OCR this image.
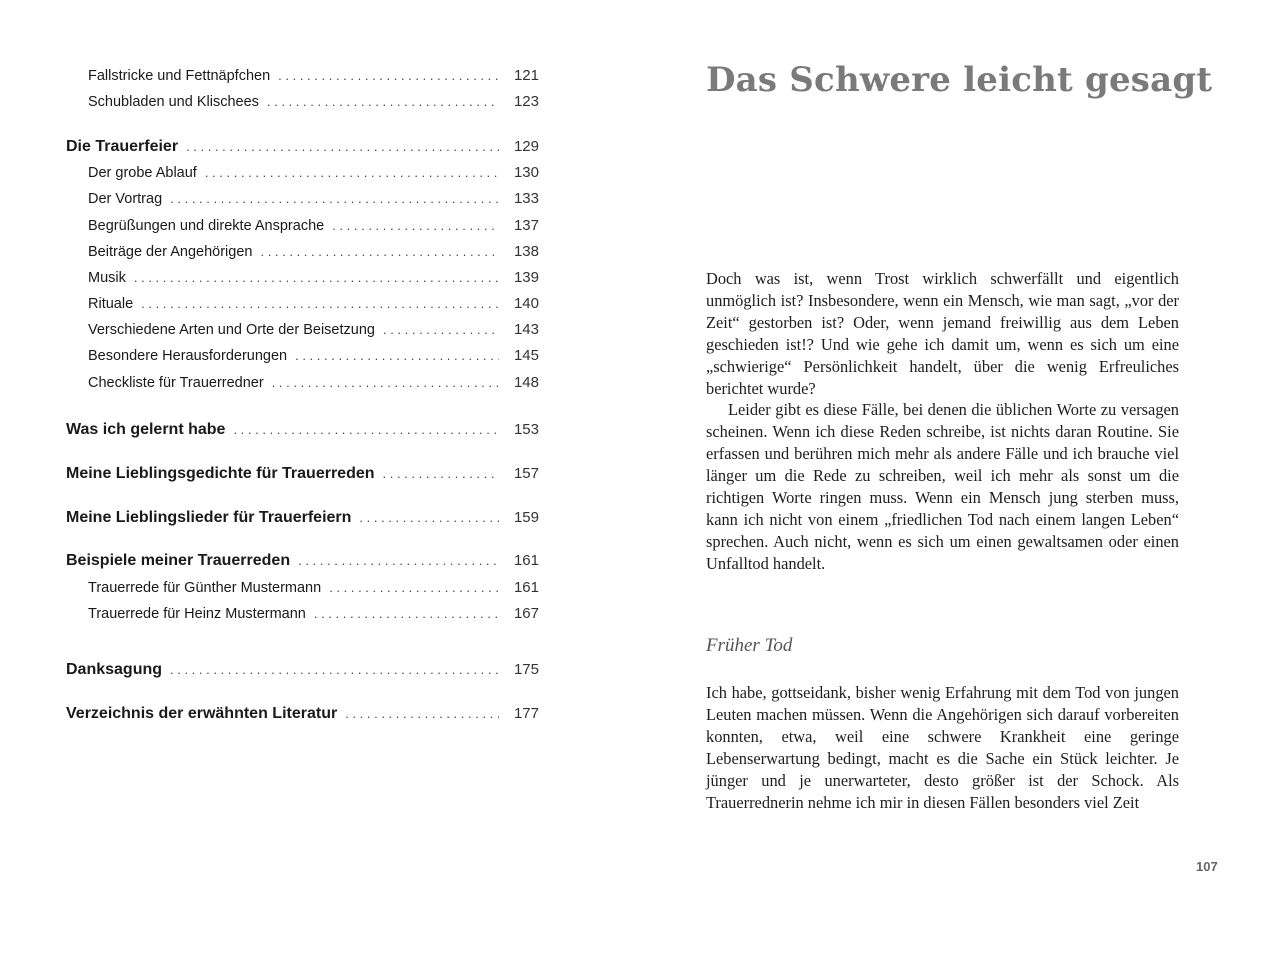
Fallstricke und Fettnäpfchen . . .	121
Schubladen und Klischees . . .	123
Die Trauerfeier . . .	129
Der grobe Ablauf . . .	130
Der Vortrag . . .	133
Begrüßungen und direkte Ansprache . . .	137
Beiträge der Angehörigen . . .	138
Musik . . .	139
Rituale . . .	140
Verschiedene Arten und Orte der Beisetzung . . .	143
Besondere Herausforderungen . . .	145
Checkliste für Trauerredner . . .	148
Was ich gelernt habe . . .	153
Meine Lieblingsgedichte für Trauerreden . . .	157
Meine Lieblingslieder für Trauerfeiern . . .	159
Beispiele meiner Trauerreden . . .	161
Trauerrede für Günther Mustermann . . .	161
Trauerrede für Heinz Mustermann . . .	167
Danksagung . . .	175
Verzeichnis der erwähnten Literatur . . .	177
Das Schwere leicht gesagt

Doch was ist, wenn Trost wirklich schwerfällt und eigentlich unmöglich ist? Insbesondere, wenn ein Mensch, wie man sagt, „vor der Zeit“ gestorben ist? Oder, wenn jemand freiwillig aus dem Leben geschieden ist!? Und wie gehe ich damit um, wenn es sich um eine „schwierige“ Persönlichkeit handelt, über die wenig Erfreuliches berichtet wurde?

Leider gibt es diese Fälle, bei denen die üblichen Worte zu versagen scheinen. Wenn ich diese Reden schreibe, ist nichts daran Routine. Sie erfassen und berühren mich mehr als andere Fälle und ich brauche viel länger um die Rede zu schreiben, weil ich mehr als sonst um die richtigen Worte ringen muss. Wenn ein Mensch jung sterben muss, kann ich nicht von einem „friedlichen Tod nach einem langen Leben“ sprechen. Auch nicht, wenn es sich um einen gewaltsamen oder einen Unfalltod handelt.

Früher Tod

Ich habe, gottseidank, bisher wenig Erfahrung mit dem Tod von jungen Leuten machen müssen. Wenn die Angehörigen sich darauf vorbereiten konnten, etwa, weil eine schwere Krankheit eine geringe Lebenserwartung bedingt, macht es die Sache ein Stück leichter. Je jünger und je unerwarteter, desto größer ist der Schock. Als Trauerrednerin nehme ich mir in diesen Fällen besonders viel Zeit

107
